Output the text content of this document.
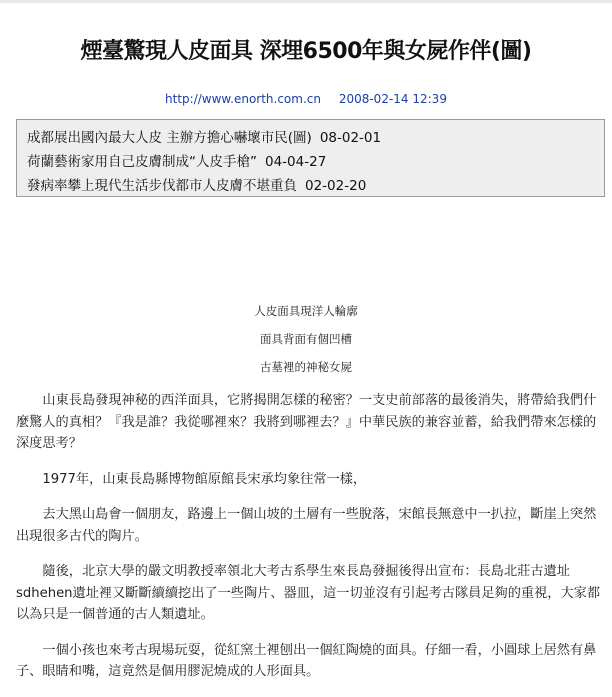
煙臺驚現人皮面具 深埋6500年與女屍作伴(圖)
http://www.enorth.com.cn 2008-02-14 12:39
成都展出國內最大人皮 主辦方擔心嚇壞市民(圖) 08-02-01
荷蘭藝術家用自己皮膚制成“人皮手槍” 04-04-27
發病率攀上現代生活步伐都市人皮膚不堪重負 02-02-20
人皮面具現洋人輪廓
面具背面有個凹槽
古墓裡的神秘女屍

山東長島發現神秘的西洋面具，它將揭開怎樣的秘密？一支史前部落的最後消失，將帶給我們什麼驚人的真相？『我是誰？我從哪裡來？我將到哪裡去？』中華民族的兼容並蓄，給我們帶來怎樣的深度思考？

1977年，山東長島縣博物館原館長宋承均象往常一樣，

去大黑山島會一個朋友，路邊上一個山坡的土層有一些脫落，宋館長無意中一扒拉，斷崖上突然出現很多古代的陶片。

隨後，北京大學的嚴文明教授率領北大考古系學生來長島發掘後得出宣布：長島北莊古遺址sdhehen遺址裡又斷斷續續挖出了一些陶片、器皿，這一切並沒有引起考古隊員足夠的重視，大家都以為只是一個普通的古人類遺址。

一個小孩也來考古現場玩耍，從紅窯土裡刨出一個紅陶燒的面具。仔細一看，小圓球上居然有鼻子、眼睛和嘴，這竟然是個用膠泥燒成的人形面具。
